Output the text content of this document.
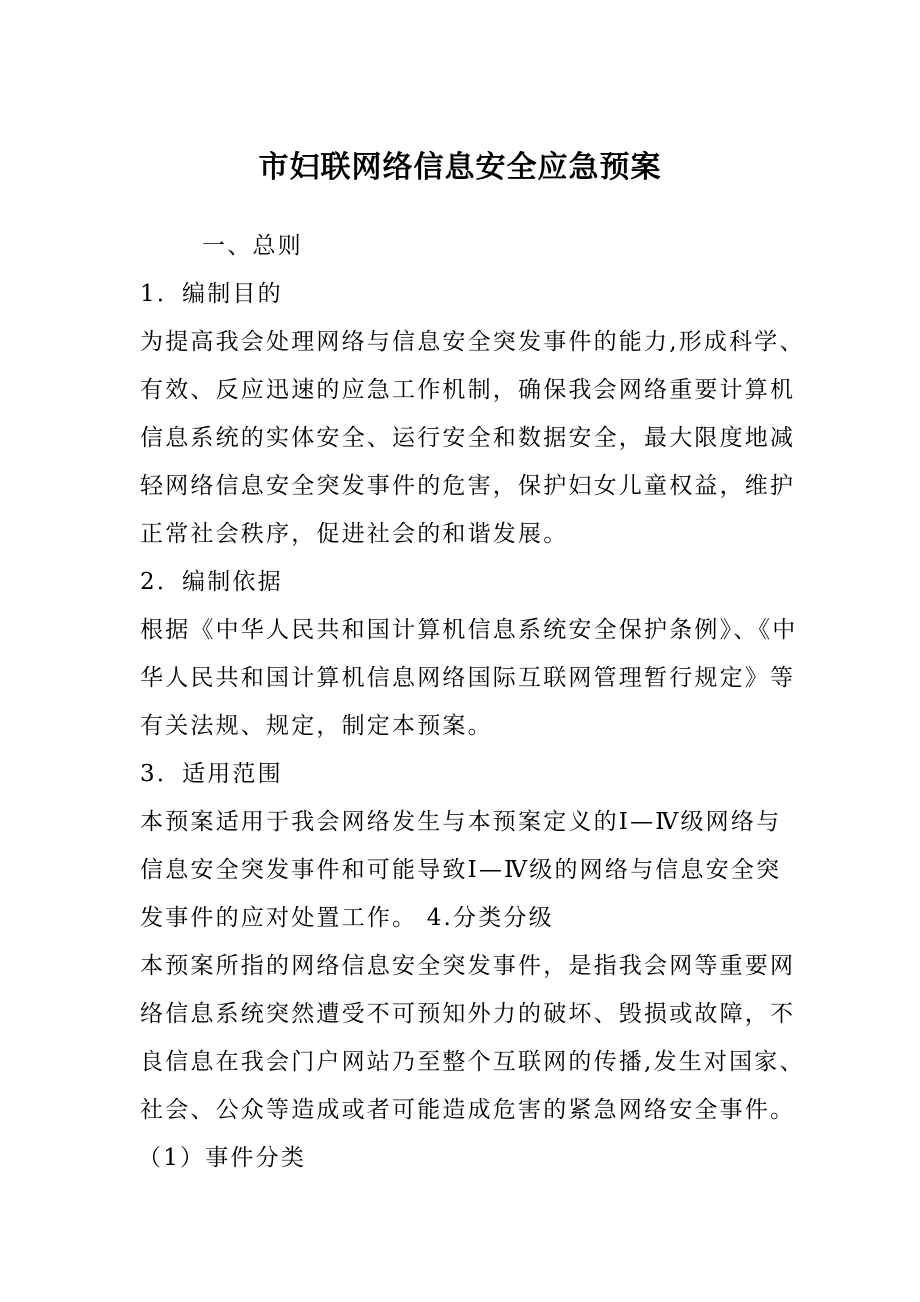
市妇联网络信息安全应急预案
一、总则
1．编制目的
为提高我会处理网络与信息安全突发事件的能力,形成科学、
有效、反应迅速的应急工作机制，确保我会网络重要计算机
信息系统的实体安全、运行安全和数据安全，最大限度地减
轻网络信息安全突发事件的危害，保护妇女儿童权益，维护
正常社会秩序，促进社会的和谐发展。
2．编制依据
根据《中华人民共和国计算机信息系统安全保护条例》、《中
华人民共和国计算机信息网络国际互联网管理暂行规定》等
有关法规、规定，制定本预案。
3．适用范围
本预案适用于我会网络发生与本预案定义的Ⅰ—Ⅳ级网络与
信息安全突发事件和可能导致Ⅰ—Ⅳ级的网络与信息安全突
发事件的应对处置工作。 4.分类分级
本预案所指的网络信息安全突发事件，是指我会网等重要网
络信息系统突然遭受不可预知外力的破坏、毁损或故障，不
良信息在我会门户网站乃至整个互联网的传播,发生对国家、
社会、公众等造成或者可能造成危害的紧急网络安全事件。
（1）事件分类
